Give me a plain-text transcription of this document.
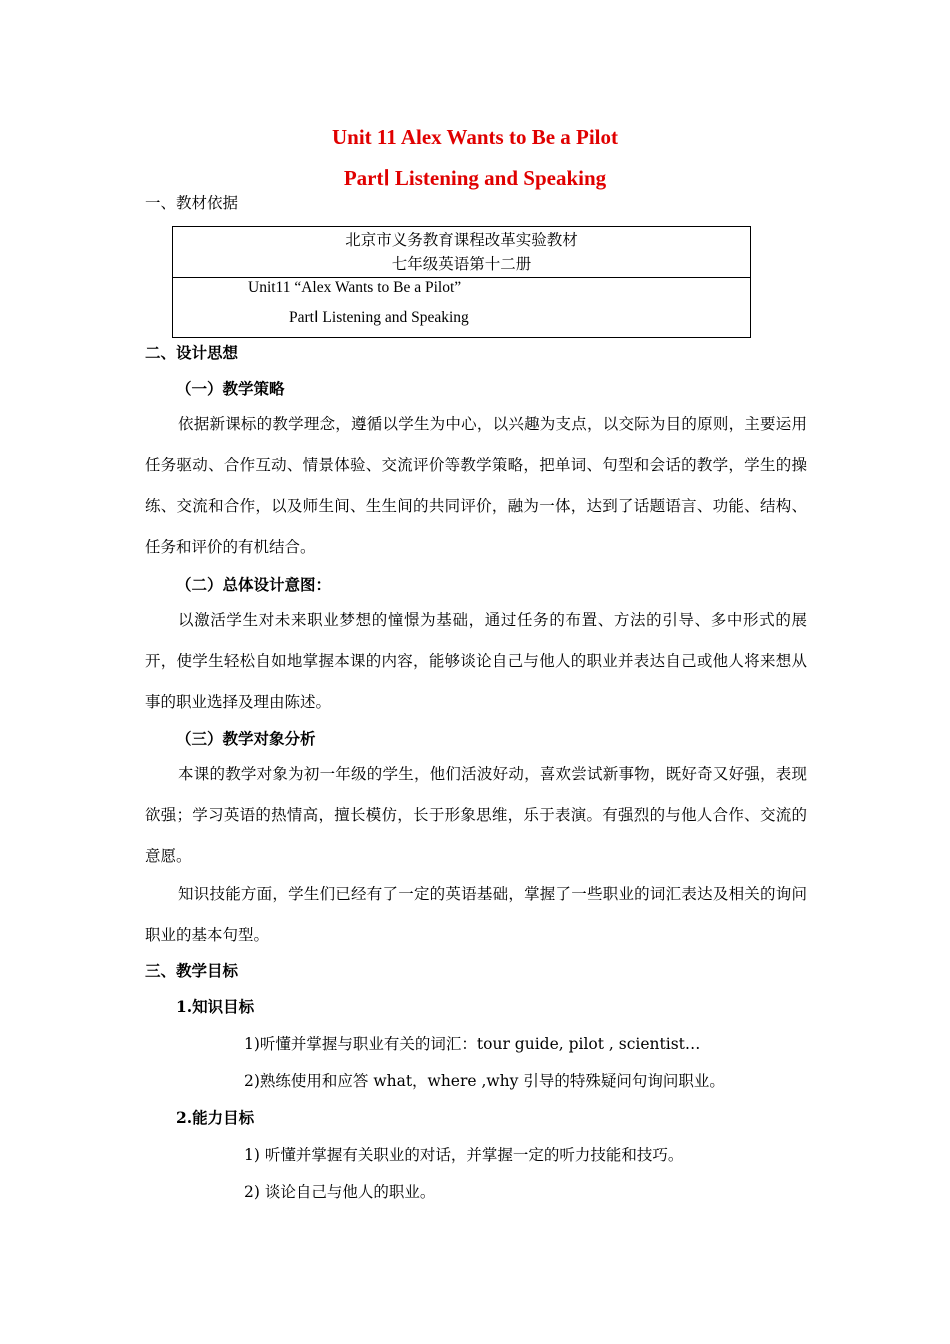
Unit 11 Alex Wants to Be a Pilot
PartⅠ Listening and Speaking
一、教材依据
北京市义务教育课程改革实验教材
七年级英语第十二册
Unit11 “Alex Wants to Be a Pilot”
PartⅠ Listening and Speaking
二、设计思想
（一）教学策略

依据新课标的教学理念，遵循以学生为中心，以兴趣为支点，以交际为目的原则，主要运用任务驱动、合作互动、情景体验、交流评价等教学策略，把单词、句型和会话的教学，学生的操练、交流和合作，以及师生间、生生间的共同评价，融为一体，达到了话题语言、功能、结构、任务和评价的有机结合。

（二）总体设计意图：

以激活学生对未来职业梦想的憧憬为基础，通过任务的布置、方法的引导、多中形式的展开，使学生轻松自如地掌握本课的内容，能够谈论自己与他人的职业并表达自己或他人将来想从事的职业选择及理由陈述。

（三）教学对象分析

本课的教学对象为初一年级的学生，他们活波好动，喜欢尝试新事物，既好奇又好强，表现欲强；学习英语的热情高，擅长模仿，长于形象思维，乐于表演。有强烈的与他人合作、交流的意愿。

知识技能方面，学生们已经有了一定的英语基础，掌握了一些职业的词汇表达及相关的询问职业的基本句型。

三、教学目标
1.知识目标
1)听懂并掌握与职业有关的词汇：tour guide, pilot , scientist…
2)熟练使用和应答 what，where ,why 引导的特殊疑问句询问职业。
2.能力目标
1) 听懂并掌握有关职业的对话，并掌握一定的听力技能和技巧。
2) 谈论自己与他人的职业。
